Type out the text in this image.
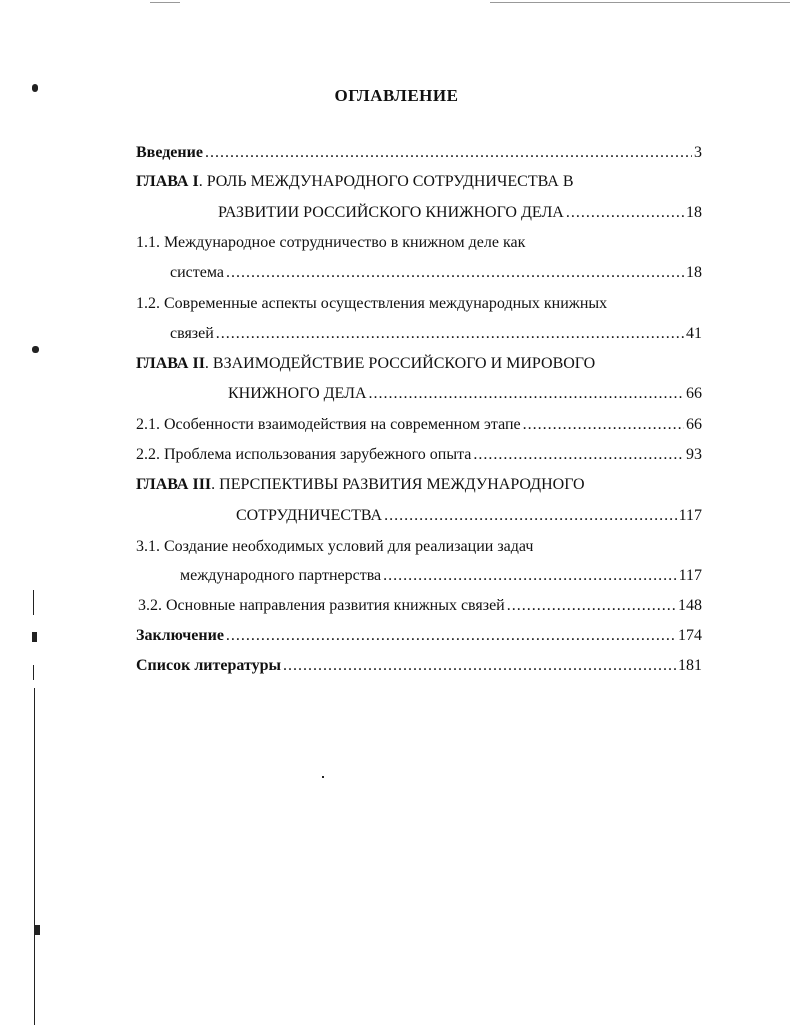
ОГЛАВЛЕНИЕ
Введение .....	3
ГЛАВА I. РОЛЬ МЕЖДУНАРОДНОГО СОТРУДНИЧЕСТВА В
РАЗВИТИИ РОССИЙСКОГО КНИЖНОГО ДЕЛА .....	18
1.1. Международное сотрудничество в книжном деле как
система .....	18
1.2. Современные аспекты осуществления международных книжных
связей .....	41
ГЛАВА II. ВЗАИМОДЕЙСТВИЕ РОССИЙСКОГО И МИРОВОГО
КНИЖНОГО ДЕЛА .....	66
2.1. Особенности взаимодействия на современном этапе .....	66
2.2. Проблема использования зарубежного опыта .....	93
ГЛАВА III. ПЕРСПЕКТИВЫ РАЗВИТИЯ МЕЖДУНАРОДНОГО
СОТРУДНИЧЕСТВА .....	117
3.1. Создание необходимых условий для реализации задач
международного партнерства .....	117
3.2. Основные направления развития книжных связей .....	148
Заключение .....	174
Список литературы .....	181
